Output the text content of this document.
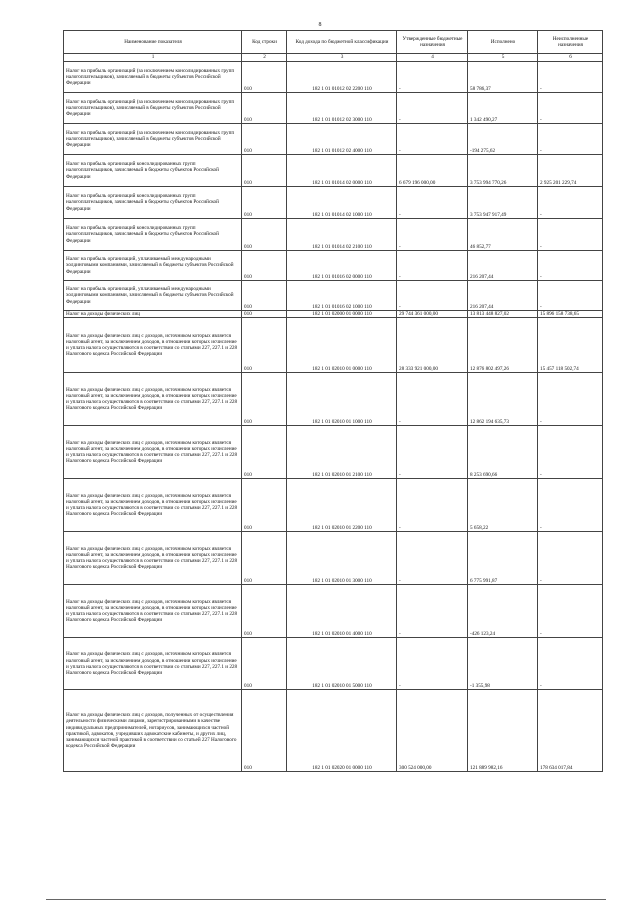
8
Наименование показателя	Код строки	Код дохода по бюджетной классификации	Утвержденные бюджетные назначения	Исполнено	Неисполненные назначения
1	2	3	4	5	6
Налог на прибыль организаций (за исключением консолидированных групп налогоплательщиков), зачисляемый в бюджеты субъектов Российской Федерации	010	182 1 01 01012 02 2200 110	-	58 786,37	-
Налог на прибыль организаций (за исключением консолидированных групп налогоплательщиков), зачисляемый в бюджеты субъектов Российской Федерации	010	182 1 01 01012 02 3000 110	-	1 342 490,27	-
Налог на прибыль организаций (за исключением консолидированных групп налогоплательщиков), зачисляемый в бюджеты субъектов Российской Федерации	010	182 1 01 01012 02 4000 110	-	-194 275,62	-
Налог на прибыль организаций консолидированных групп налогоплательщиков, зачисляемый в бюджеты субъектов Российской Федерации	010	182 1 01 01014 02 0000 110	6 679 196 000,00	3 753 994 770,26	2 925 201 229,74
Налог на прибыль организаций консолидированных групп налогоплательщиков, зачисляемый в бюджеты субъектов Российской Федерации	010	182 1 01 01014 02 1000 110	-	3 753 947 917,49	-
Налог на прибыль организаций консолидированных групп налогоплательщиков, зачисляемый в бюджеты субъектов Российской Федерации	010	182 1 01 01014 02 2100 110	-	46 852,77	-
Налог на прибыль организаций, уплачиваемый международными холдинговыми компаниями, зачисляемый в бюджеты субъектов Российской Федерации	010	182 1 01 01016 02 0000 110	-	216 207,44	-
Налог на прибыль организаций, уплачиваемый международными холдинговыми компаниями, зачисляемый в бюджеты субъектов Российской Федерации	010	182 1 01 01016 02 1000 110	-	216 207,44	-
Налог на доходы физических лиц	010	182 1 01 02000 01 0000 110	29 744 361 000,00	13 813 448 827,02	15 896 158 738,65
Налог на доходы физических лиц с доходов, источником которых является налоговый агент, за исключением доходов, в отношении которых исчисление и уплата налога осуществляются в соответствии со статьями 227, 227.1 и 228 Налогового кодекса Российской Федерации	010	182 1 01 02010 01 0000 110	28 333 921 000,00	12 876 802 497,26	15 457 118 502,74
Налог на доходы физических лиц с доходов, источником которых является налоговый агент, за исключением доходов, в отношении которых исчисление и уплата налога осуществляются в соответствии со статьями 227, 227.1 и 228 Налогового кодекса Российской Федерации	010	182 1 01 02010 01 1000 110	-	12 862 194 635,73	-
Налог на доходы физических лиц с доходов, источником которых является налоговый агент, за исключением доходов, в отношении которых исчисление и уплата налога осуществляются в соответствии со статьями 227, 227.1 и 228 Налогового кодекса Российской Федерации	010	182 1 01 02010 01 2100 110	-	8 253 690,66	-
Налог на доходы физических лиц с доходов, источником которых является налоговый агент, за исключением доходов, в отношении которых исчисление и уплата налога осуществляются в соответствии со статьями 227, 227.1 и 228 Налогового кодекса Российской Федерации	010	182 1 01 02010 01 2200 110	-	5 658,22	-
Налог на доходы физических лиц с доходов, источником которых является налоговый агент, за исключением доходов, в отношении которых исчисление и уплата налога осуществляются в соответствии со статьями 227, 227.1 и 228 Налогового кодекса Российской Федерации	010	182 1 01 02010 01 3000 110	-	6 775 991,87	-
Налог на доходы физических лиц с доходов, источником которых является налоговый агент, за исключением доходов, в отношении которых исчисление и уплата налога осуществляются в соответствии со статьями 227, 227.1 и 228 Налогового кодекса Российской Федерации	010	182 1 01 02010 01 4000 110	-	-426 123,24	-
Налог на доходы физических лиц с доходов, источником которых является налоговый агент, за исключением доходов, в отношении которых исчисление и уплата налога осуществляются в соответствии со статьями 227, 227.1 и 228 Налогового кодекса Российской Федерации	010	182 1 01 02010 01 5000 110	-	-1 355,98	-
Налог на доходы физических лиц с доходов, полученных от осуществления деятельности физическими лицами, зарегистрированными в качестве индивидуальных предпринимателей, нотариусов, занимающихся частной практикой, адвокатов, учредивших адвокатские кабинеты, и других лиц, занимающихся частной практикой в соответствии со статьей 227 Налогового кодекса Российской Федерации	010	182 1 01 02020 01 0000 110	300 524 000,00	121 889 982,16	178 634 017,84
